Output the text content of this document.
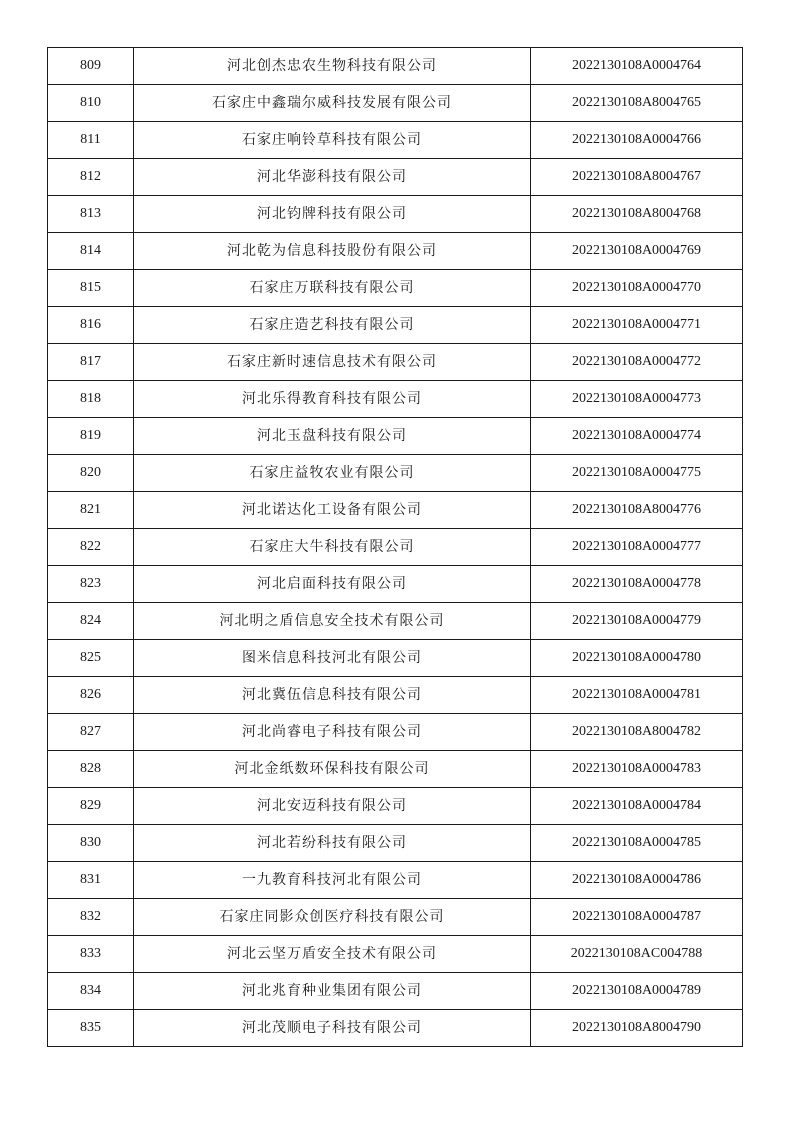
809	河北创杰忠农生物科技有限公司	2022130108A0004764
810	石家庄中鑫瑞尔威科技发展有限公司	2022130108A8004765
811	石家庄响铃草科技有限公司	2022130108A0004766
812	河北华澎科技有限公司	2022130108A8004767
813	河北钧牌科技有限公司	2022130108A8004768
814	河北乾为信息科技股份有限公司	2022130108A0004769
815	石家庄万联科技有限公司	2022130108A0004770
816	石家庄造艺科技有限公司	2022130108A0004771
817	石家庄新时速信息技术有限公司	2022130108A0004772
818	河北乐得教育科技有限公司	2022130108A0004773
819	河北玉盘科技有限公司	2022130108A0004774
820	石家庄益牧农业有限公司	2022130108A0004775
821	河北诺达化工设备有限公司	2022130108A8004776
822	石家庄大牛科技有限公司	2022130108A0004777
823	河北启面科技有限公司	2022130108A0004778
824	河北明之盾信息安全技术有限公司	2022130108A0004779
825	图米信息科技河北有限公司	2022130108A0004780
826	河北冀伍信息科技有限公司	2022130108A0004781
827	河北尚睿电子科技有限公司	2022130108A8004782
828	河北金纸数环保科技有限公司	2022130108A0004783
829	河北安迈科技有限公司	2022130108A0004784
830	河北若纷科技有限公司	2022130108A0004785
831	一九教育科技河北有限公司	2022130108A0004786
832	石家庄同影众创医疗科技有限公司	2022130108A0004787
833	河北云坚万盾安全技术有限公司	2022130108AC004788
834	河北兆育种业集团有限公司	2022130108A0004789
835	河北茂顺电子科技有限公司	2022130108A8004790
